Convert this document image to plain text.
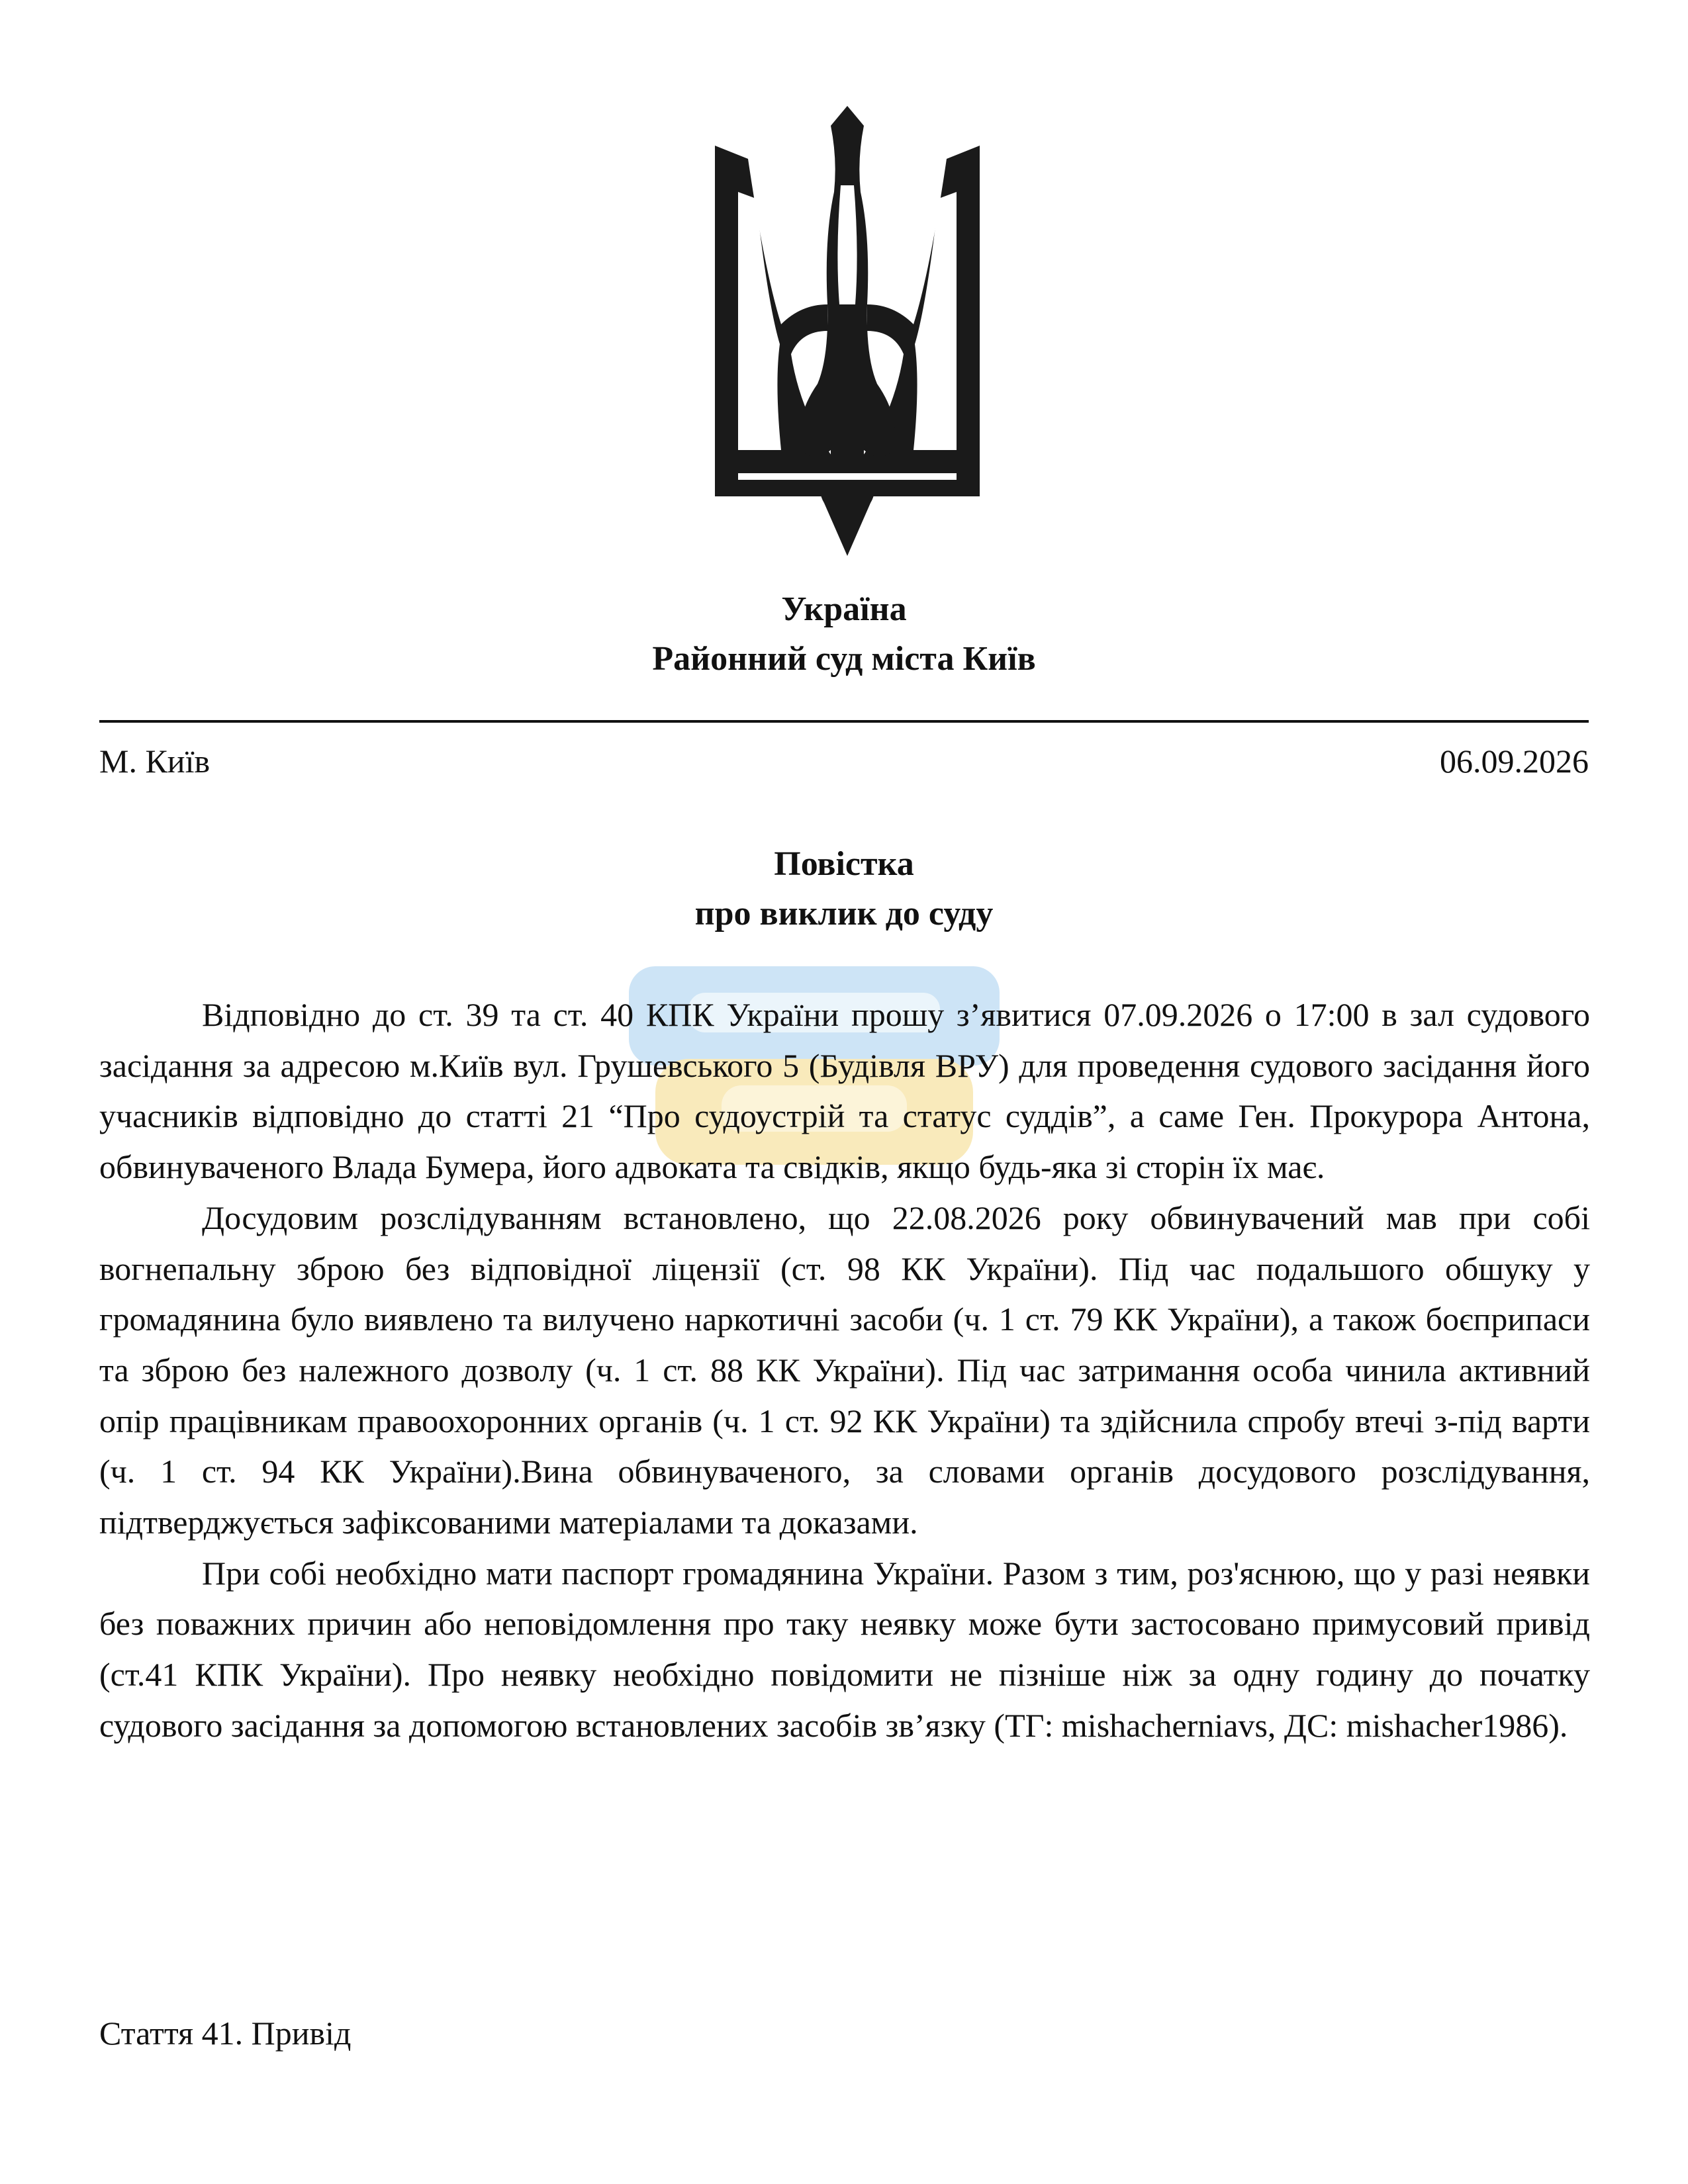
Україна

Районний суд міста Київ

М. Київ	06.09.2026

Повістка

про виклик до суду

Відповідно до ст. 39 та ст. 40 КПК України прошу з’явитися 07.09.2026 о 17:00 в зал судового засідання за адресою м.Київ вул. Грушевського 5 (Будівля ВРУ) для проведення судового засідання його учасників відповідно до статті 21 “Про судоустрій та статус суддів”, а саме Ген. Прокурора Антона, обвинуваченого Влада Бумера, його адвоката та свідків, якщо будь-яка зі сторін їх має.

Досудовим розслідуванням встановлено, що 22.08.2026 року обвинувачений мав при собі вогнепальну зброю без відповідної ліцензії (ст. 98 КК України). Під час подальшого обшуку у громадянина було виявлено та вилучено наркотичні засоби (ч. 1 ст. 79 КК України), а також боєприпаси та зброю без належного дозволу (ч. 1 ст. 88 КК України). Під час затримання особа чинила активний опір працівникам правоохоронних органів (ч. 1 ст. 92 КК України) та здійснила спробу втечі з-під варти (ч. 1 ст. 94 КК України).Вина обвинуваченого, за словами органів досудового розслідування, підтверджується зафіксованими матеріалами та доказами.

При собі необхідно мати паспорт громадянина України. Разом з тим, роз'яснюю, що у разі неявки без поважних причин або неповідомлення про таку неявку може бути застосовано примусовий привід (ст.41 КПК України). Про неявку необхідно повідомити не пізніше ніж за одну годину до початку судового засідання за допомогою встановлених засобів зв’язку (ТГ: mishacherniavs, ДС: mishacher1986).

Стаття 41. Привід
